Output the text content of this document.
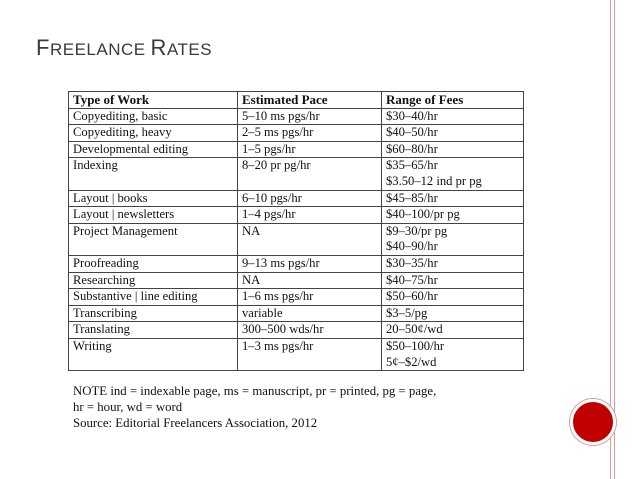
FREELANCE RATES
Type of Work	Estimated Pace	Range of Fees
Copyediting, basic	5–10 ms pgs/hr	$30–40/hr

Copyediting, heavy	2–5 ms pgs/hr	$40–50/hr

Developmental editing	1–5 pgs/hr	$60–80/hr

Indexing	8–20 pr pg/hr	$35–65/hr
$3.50–12 ind pr pg

Layout | books	6–10 pgs/hr	$45–85/hr

Layout | newsletters	1–4 pgs/hr	$40–100/pr pg

Project Management	NA	$9–30/pr pg
$40–90/hr

Proofreading	9–13 ms pgs/hr	$30–35/hr

Researching	NA	$40–75/hr

Substantive | line editing	1–6 ms pgs/hr	$50–60/hr

Transcribing	variable	$3–5/pg

Translating	300–500 wds/hr	20–50¢/wd

Writing	1–3 ms pgs/hr	$50–100/hr
5¢–$2/wd
NOTE ind = indexable page, ms = manuscript, pr = printed, pg = page,
hr = hour, wd = word
Source: Editorial Freelancers Association, 2012
